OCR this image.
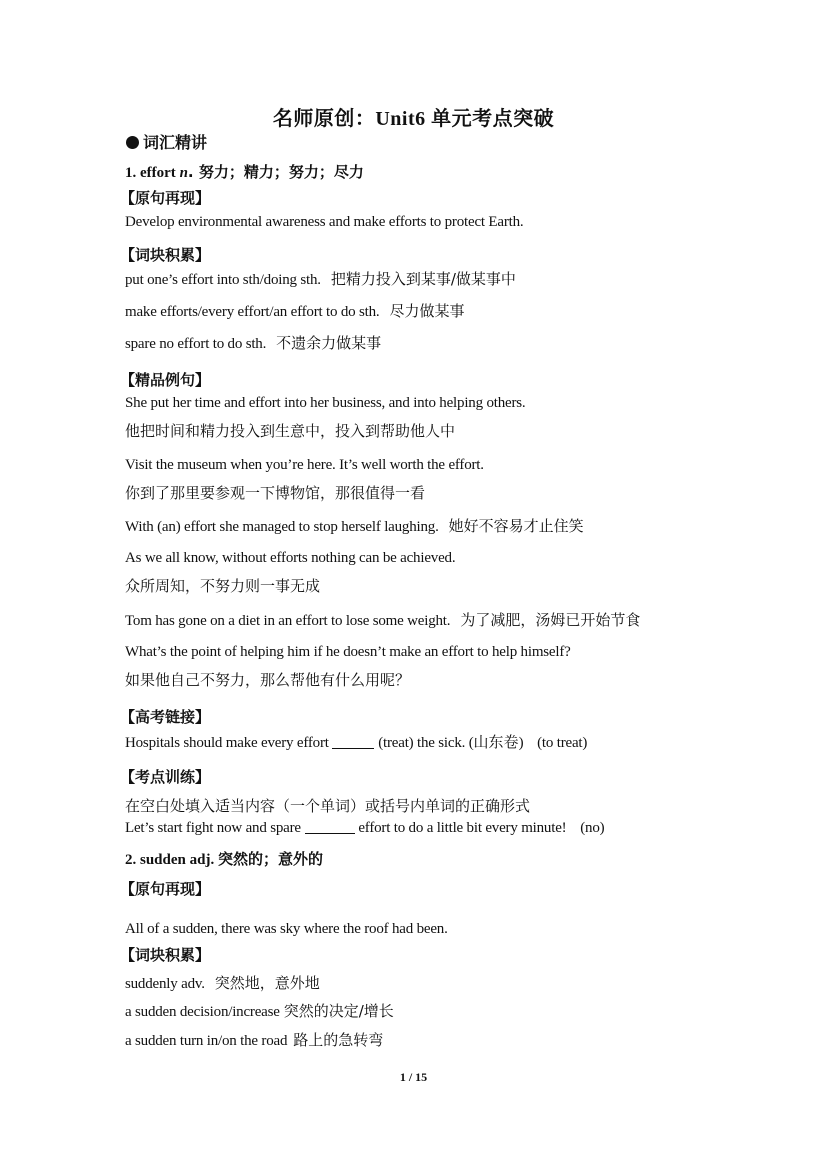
名师原创：Unit6 单元考点突破
词汇精讲
1. effort n. 努力；精力；努力；尽力
【原句再现】
Develop environmental awareness and make efforts to protect Earth.
【词块积累】
put one’s effort into sth/doing sth. 把精力投入到某事/做某事中
make efforts/every effort/an effort to do sth. 尽力做某事
spare no effort to do sth. 不遗余力做某事
【精品例句】
She put her time and effort into her business, and into helping others.
他把时间和精力投入到生意中，投入到帮助他人中
Visit the museum when you’re here. It’s well worth the effort.
你到了那里要参观一下博物馆，那很值得一看
With (an) effort she managed to stop herself laughing. 她好不容易才止住笑
As we all know, without efforts nothing can be achieved.
众所周知，不努力则一事无成
Tom has gone on a diet in an effort to lose some weight. 为了减肥，汤姆已开始节食
What’s the point of helping him if he doesn’t make an effort to help himself?
如果他自己不努力，那么帮他有什么用呢？
【高考链接】
Hospitals should make every effort	(treat) the sick. (山东卷) (to treat)
【考点训练】
在空白处填入适当内容（一个单词）或括号内单词的正确形式
Let’s start fight now and spare	effort to do a little bit every minute! (no)
2. sudden adj. 突然的；意外的
【原句再现】
All of a sudden, there was sky where the roof had been.
【词块积累】
suddenly adv. 突然地，意外地
a sudden decision/increase 突然的决定/增长
a sudden turn in/on the road 路上的急转弯
1 / 15
